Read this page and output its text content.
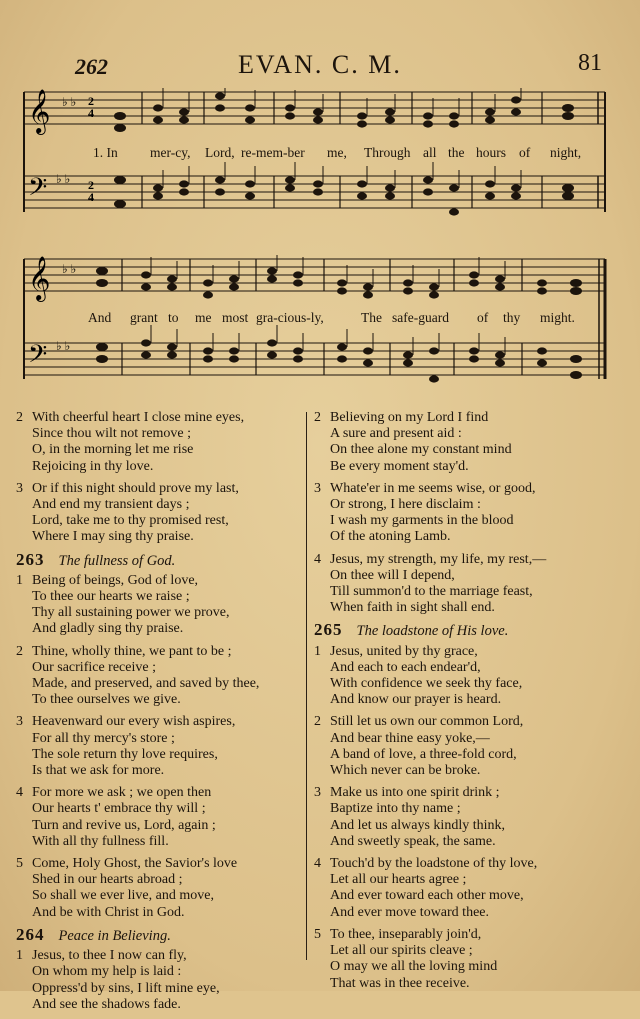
262	EVAN. C. M.	81
𝄞
𝄢
♭ ♭
♭ ♭
2
4
2
4
1. In mer-cy, Lord, re-mem-ber me, Through all the hours of night,
𝄞
𝄢
♭ ♭
♭ ♭
And grant to me most gra-cious-ly,	The safe-guard of thy might.
2 With cheerful heart I close mine eyes,
Since thou wilt not remove ;
O, in the morning let me rise
Rejoicing in thy love.
3 Or if this night should prove my last,
And end my transient days ;
Lord, take me to thy promised rest,
Where I may sing thy praise.
263 The fullness of God.
1 Being of beings, God of love,
To thee our hearts we raise ;
Thy all sustaining power we prove,
And gladly sing thy praise.
2 Thine, wholly thine, we pant to be ;
Our sacrifice receive ;
Made, and preserved, and saved by thee,
To thee ourselves we give.
3 Heavenward our every wish aspires,
For all thy mercy's store ;
The sole return thy love requires,
Is that we ask for more.
4 For more we ask ; we open then
Our hearts t' embrace thy will ;
Turn and revive us, Lord, again ;
With all thy fullness fill.
5 Come, Holy Ghost, the Savior's love
Shed in our hearts abroad ;
So shall we ever live, and move,
And be with Christ in God.
264 Peace in Believing.
1 Jesus, to thee I now can fly,
On whom my help is laid :
Oppress'd by sins, I lift mine eye,
And see the shadows fade.
2 Believing on my Lord I find
A sure and present aid :
On thee alone my constant mind
Be every moment stay'd.
3 Whate'er in me seems wise, or good,
Or strong, I here disclaim :
I wash my garments in the blood
Of the atoning Lamb.
4 Jesus, my strength, my life, my rest,—
On thee will I depend,
Till summon'd to the marriage feast,
When faith in sight shall end.
265 The loadstone of His love.
1 Jesus, united by thy grace,
And each to each endear'd,
With confidence we seek thy face,
And know our prayer is heard.
2 Still let us own our common Lord,
And bear thine easy yoke,—
A band of love, a three-fold cord,
Which never can be broke.
3 Make us into one spirit drink ;
Baptize into thy name ;
And let us always kindly think,
And sweetly speak, the same.
4 Touch'd by the loadstone of thy love,
Let all our hearts agree ;
And ever toward each other move,
And ever move toward thee.
5 To thee, inseparably join'd,
Let all our spirits cleave ;
O may we all the loving mind
That was in thee receive.
